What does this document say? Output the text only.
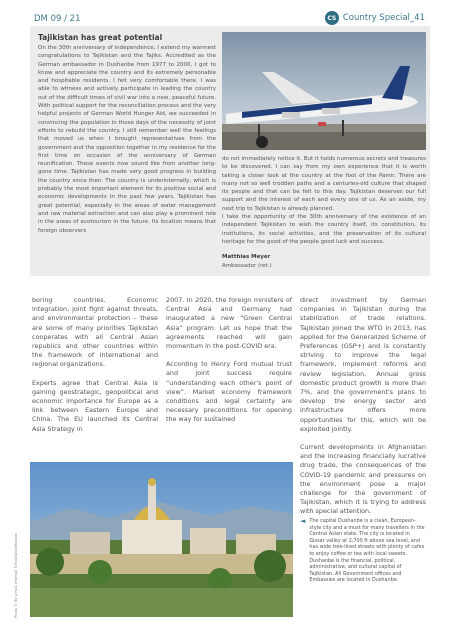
DM 09 / 21	CS Country Special_41
Tajikistan has great potential
On the 30th anniversary of independence, I extend my warmest congratulations to Tajikistan and the Tajiks. Accredited as the German ambassador in Dushanbe from 1977 to 2000, I got to know and appreciate the country and its extremely personable and hospitable residents. I felt very comfortable there. I was able to witness and actively participate in leading the country out of the difficult times of civil war into a new, peaceful future. With political support for the reconciliation process and the very helpful projects of German World Hunger Aid, we succeeded in convincing the population in those days of the necessity of joint efforts to rebuild the country. I still remember well the feelings that moved us when I brought representatives from the government and the opposition together in my residence for the first time on occasion of the anniversary of German reunification. These events now sound like from another long-gone time. Tajikistan has made very good progress in building the country since then. The country is underinternally, which is probably the most important element for its positive social and economic developments in the past few years. Tajikistan has great potential, especially in the areas of water management and raw material extraction and can also play a prominent role in the areas of ecotourism in the future. Its location means that foreign observers

do not immediately notice it. But it holds numerous secrets and treasures to be discovered. I can say from my own experience that it is worth taking a closer look at the country at the foot of the Pamir. There are many not so well trodden paths and a centuries-old culture that shaped its people and that can be felt to this day. Tajikistan deserves our full support and the interest of each and every one of us. As an aside, my next trip to Tajikistan is already planned.

I take the opportunity of the 30th anniversary of the existence of an independent Tajikistan to wish the country itself, its constitution, its institutions, its social activities, and the preservation of its cultural heritage for the good of the people good luck and success.

Matthias Meyer
Ambassador (ret.)

boring countries. Economic integration, joint fight against threats, and environmental protection – these are some of many priorities Tajikistan cooperates with all Central Asian republics and other countries within the framework of international and regional organizations.

Experts agree that Central Asia is gaining geostrategic, geopolitical and economic importance for Europe as a link between Eastern Europe and China. The EU launched its Central Asia Strategy in

2007. In 2020, the foreign ministers of Central Asia and Germany had inaugurated a new “Green Central Asia” program. Let us hope that the agreements reached will gain momentum in the post-COVID era.

According to Henry Ford mutual trust and joint success require “understanding each other's point of view”. Market economy framework conditions and legal certainty are necessary preconditions for opening the way for sustained

direct investment by German companies in Tajikistan during the stabilization of trade relations. Tajikistan joined the WTO in 2013, has applied for the Generalized Scheme of Preferences (GSP+) and is constantly striving to improve the legal framework, implement reforms and review legislation. Annual gross domestic product growth is more than 7%, and the government's plans to develop the energy sector and infrastructure offers more opportunities for this, which will be exploited jointly.

Current developments in Afghanistan and the increasing financially lucrative drug trade, the consequences of the COVID-19 pandemic and pressures on the environment pose a major challenge for the government of Tajikistan, which it is trying to address with special attention.

Photo © By Lmvl2 (Hamal) ©FoxDigital/Bussos
◄ The capital Dushanbe is a clean, European-style city and a must for many travellers in the Central Asian state. The city is located in Gissar valley at 2,700 ft above sea level, and has wide tree-lined streets with plenty of cafes to enjoy coffee or tea with local sweets. Dushanbe is the financial, political, administrative, and cultural capital of Tajikistan. All Government offices and Embassies are located in Dushanbe.
